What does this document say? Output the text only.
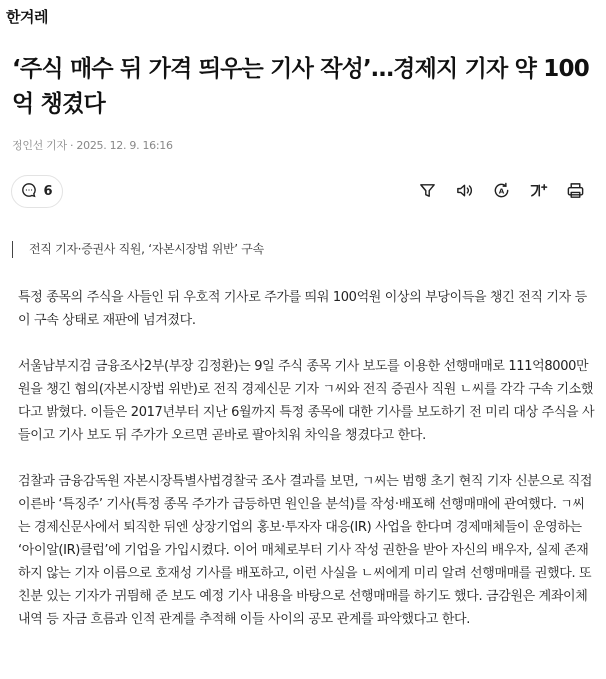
한겨레
‘주식 매수 뒤 가격 띄우는 기사 작성’…경제지 기자 약 100억 챙겼다
정인선 기자 · 2025. 12. 9. 16:16
6	A
전직 기자·증권사 직원, ‘자본시장법 위반’ 구속

특정 종목의 주식을 사들인 뒤 우호적 기사로 주가를 띄워 100억원 이상의 부당이득을 챙긴 전직 기자 등이 구속 상태로 재판에 넘겨졌다.

서울남부지검 금융조사2부(부장 김정환)는 9일 주식 종목 기사 보도를 이용한 선행매매로 111억8000만원을 챙긴 혐의(자본시장법 위반)로 전직 경제신문 기자 ㄱ씨와 전직 증권사 직원 ㄴ씨를 각각 구속 기소했다고 밝혔다. 이들은 2017년부터 지난 6월까지 특정 종목에 대한 기사를 보도하기 전 미리 대상 주식을 사들이고 기사 보도 뒤 주가가 오르면 곧바로 팔아치워 차익을 챙겼다고 한다.

검찰과 금융감독원 자본시장특별사법경찰국 조사 결과를 보면, ㄱ씨는 범행 초기 현직 기자 신분으로 직접 이른바 ‘특징주’ 기사(특정 종목 주가가 급등하면 원인을 분석)를 작성·배포해 선행매매에 관여했다. ㄱ씨는 경제신문사에서 퇴직한 뒤엔 상장기업의 홍보·투자자 대응(IR) 사업을 한다며 경제매체들이 운영하는 ‘아이알(IR)클럽’에 기업을 가입시켰다. 이어 매체로부터 기사 작성 권한을 받아 자신의 배우자, 실제 존재하지 않는 기자 이름으로 호재성 기사를 배포하고, 이런 사실을 ㄴ씨에게 미리 알려 선행매매를 권했다. 또 친분 있는 기자가 귀띔해 준 보도 예정 기사 내용을 바탕으로 선행매매를 하기도 했다. 금감원은 계좌이체 내역 등 자금 흐름과 인적 관계를 추적해 이들 사이의 공모 관계를 파악했다고 한다.
